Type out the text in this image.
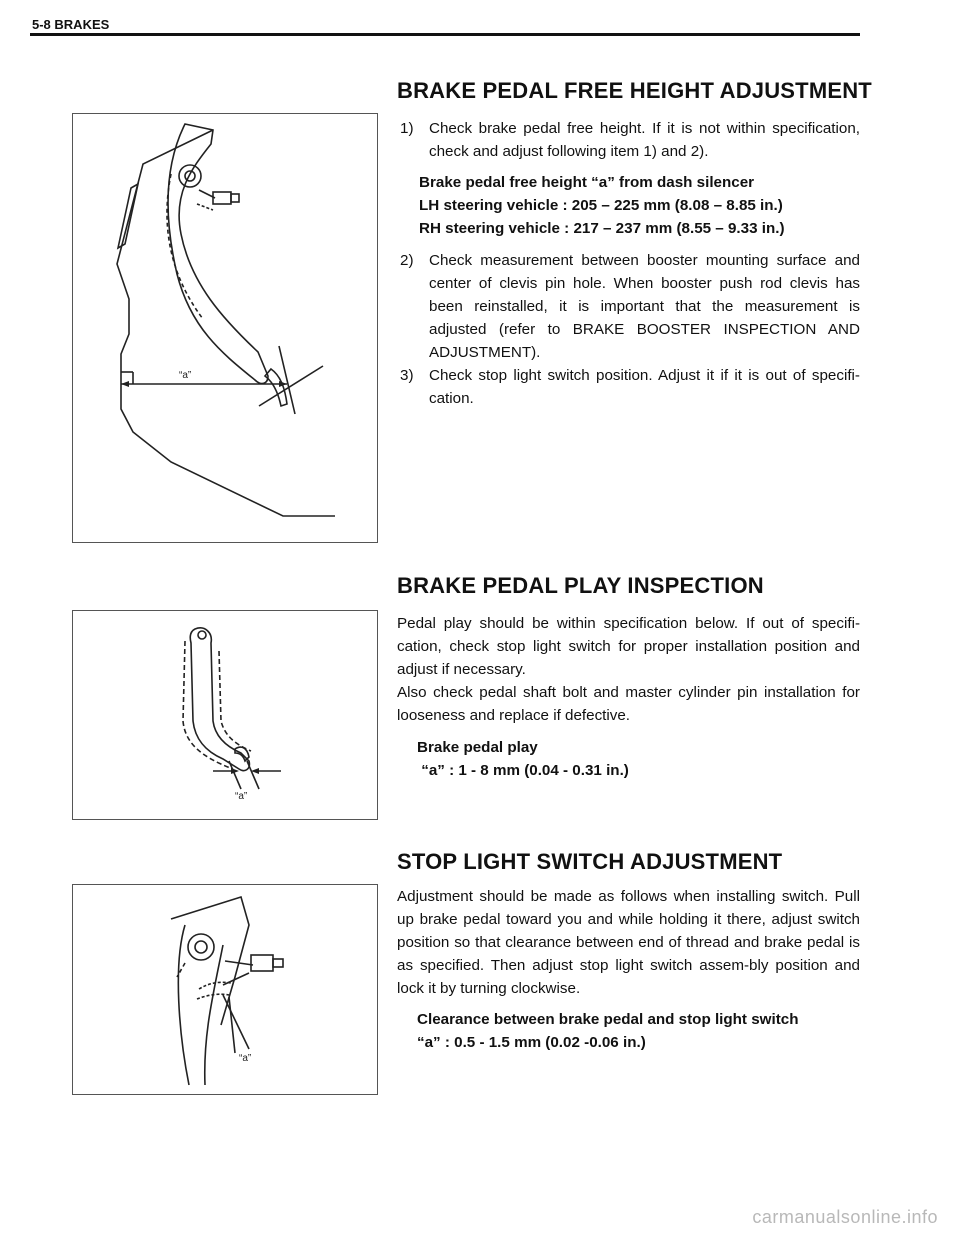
5-8 BRAKES
BRAKE PEDAL FREE HEIGHT ADJUSTMENT
“a”
1)	Check brake pedal free height. If it is not within specification, check and adjust following item 1) and 2).
Brake pedal free height “a” from dash silencer
LH steering vehicle : 205 – 225 mm (8.08 – 8.85 in.)
RH steering vehicle : 217 – 237 mm (8.55 – 9.33 in.)
2)	Check measurement between booster mounting surface and center of clevis pin hole. When booster push rod clevis has been reinstalled, it is important that the measurement is adjusted (refer to BRAKE BOOSTER INSPECTION AND ADJUSTMENT).
3)	Check stop light switch position. Adjust it if it is out of specifi-cation.
BRAKE PEDAL PLAY INSPECTION
“a”

Pedal play should be within specification below. If out of specifi-cation, check stop light switch for proper installation position and adjust if necessary.

Also check pedal shaft bolt and master cylinder pin installation for looseness and replace if defective.

Brake pedal play
“a” : 1 - 8 mm (0.04 - 0.31 in.)
STOP LIGHT SWITCH ADJUSTMENT
“a”

Adjustment should be made as follows when installing switch. Pull up brake pedal toward you and while holding it there, adjust switch position so that clearance between end of thread and brake pedal is as specified. Then adjust stop light switch assem-bly position and lock it by turning clockwise.

Clearance between brake pedal and stop light switch
“a” : 0.5 - 1.5 mm (0.02 -0.06 in.)
carmanualsonline.info
